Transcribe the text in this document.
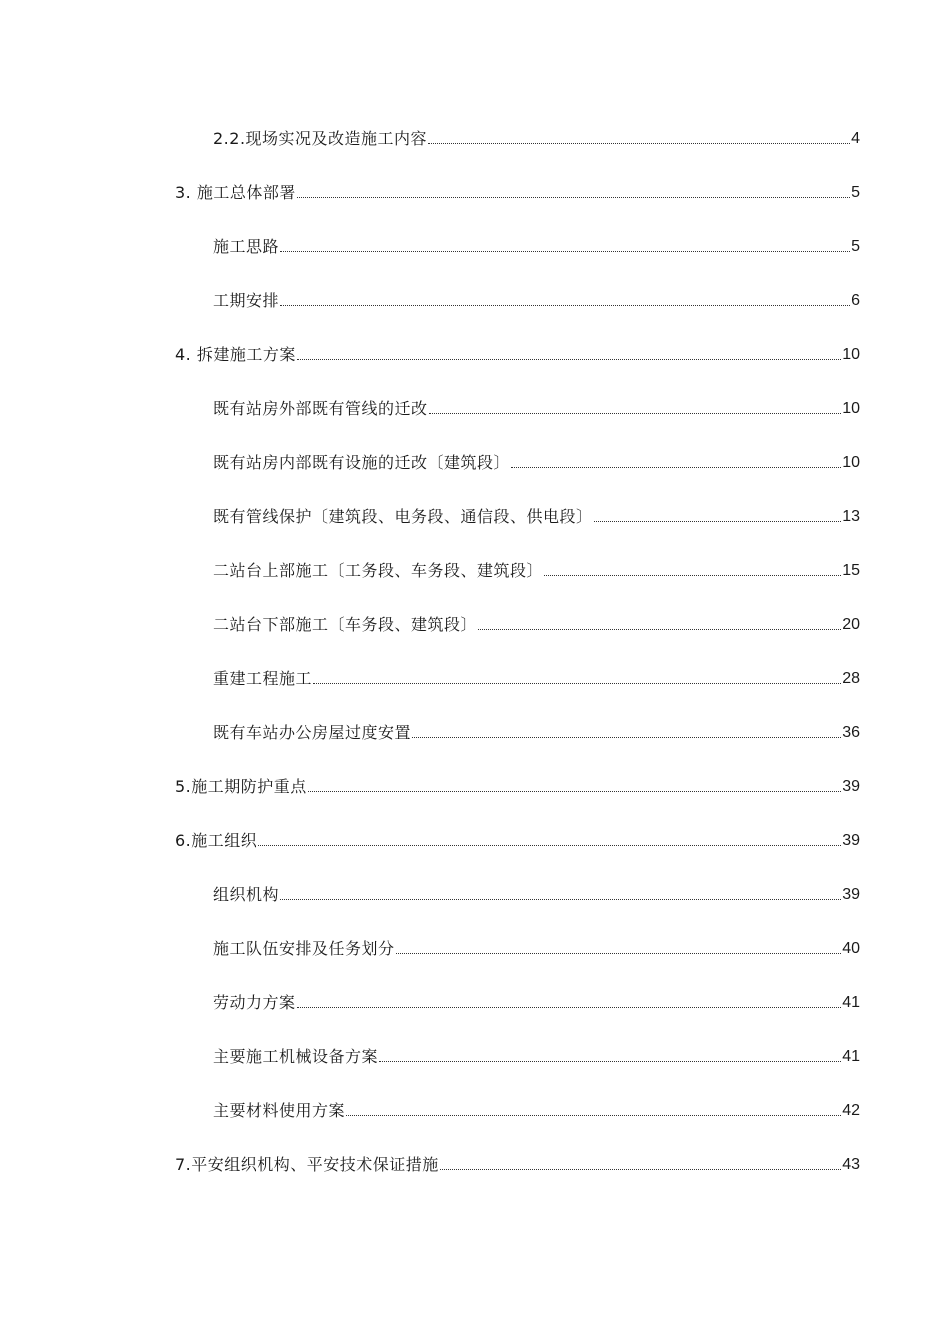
2.2.现场实况及改造施工内容	4
3. 施工总体部署	5
施工思路	5
工期安排	6
4. 拆建施工方案	10
既有站房外部既有管线的迁改	10
既有站房内部既有设施的迁改〔建筑段〕	10
既有管线保护〔建筑段、电务段、通信段、供电段〕	13
二站台上部施工〔工务段、车务段、建筑段〕	15
二站台下部施工〔车务段、建筑段〕	20
重建工程施工	28
既有车站办公房屋过度安置	36
5.施工期防护重点	39
6.施工组织	39
组织机构	39
施工队伍安排及任务划分	40
劳动力方案	41
主要施工机械设备方案	41
主要材料使用方案	42
7.平安组织机构、平安技术保证措施	43
